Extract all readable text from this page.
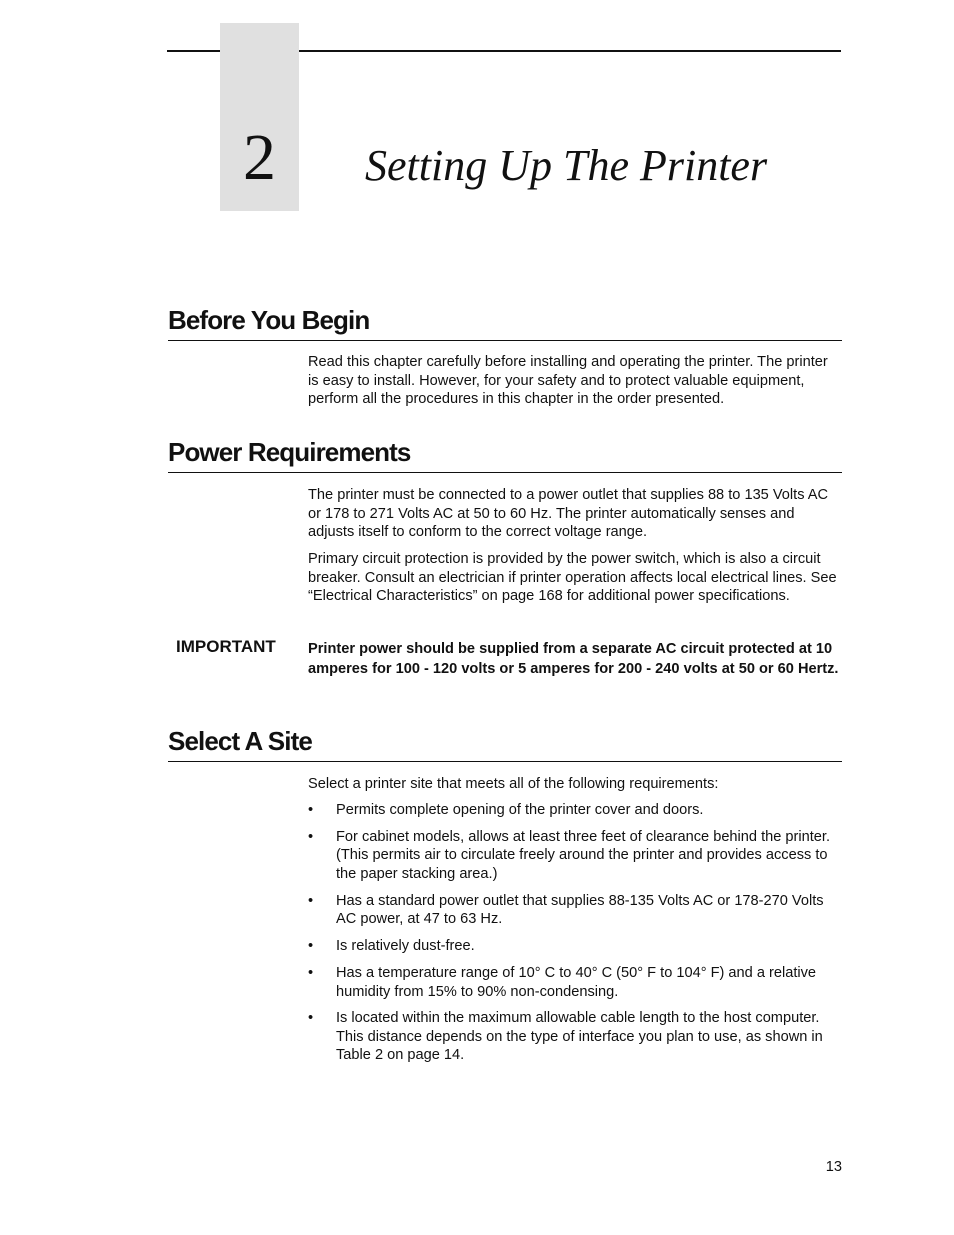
2	Setting Up The Printer
Before You Begin

Read this chapter carefully before installing and operating the printer. The printer is easy to install. However, for your safety and to protect valuable equipment, perform all the procedures in this chapter in the order presented.

Power Requirements

The printer must be connected to a power outlet that supplies 88 to 135 Volts AC or 178 to 271 Volts AC at 50 to 60 Hz. The printer automatically senses and adjusts itself to conform to the correct voltage range.

Primary circuit protection is provided by the power switch, which is also a circuit breaker. Consult an electrician if printer operation affects local electrical lines. See “Electrical Characteristics” on page 168 for additional power specifications.

IMPORTANT Printer power should be supplied from a separate AC circuit protected at 10 amperes for 100 - 120 volts or 5 amperes for 200 - 240 volts at 50 or 60 Hertz.

Select A Site

Select a printer site that meets all of the following requirements:

• Permits complete opening of the printer cover and doors.
• For cabinet models, allows at least three feet of clearance behind the printer. (This permits air to circulate freely around the printer and provides access to the paper stacking area.)
• Has a standard power outlet that supplies 88-135 Volts AC or 178-270 Volts AC power, at 47 to 63 Hz.
• Is relatively dust-free.
• Has a temperature range of 10° C to 40° C (50° F to 104° F) and a relative humidity from 15% to 90% non-condensing.
• Is located within the maximum allowable cable length to the host computer. This distance depends on the type of interface you plan to use, as shown in Table 2 on page 14.
13
